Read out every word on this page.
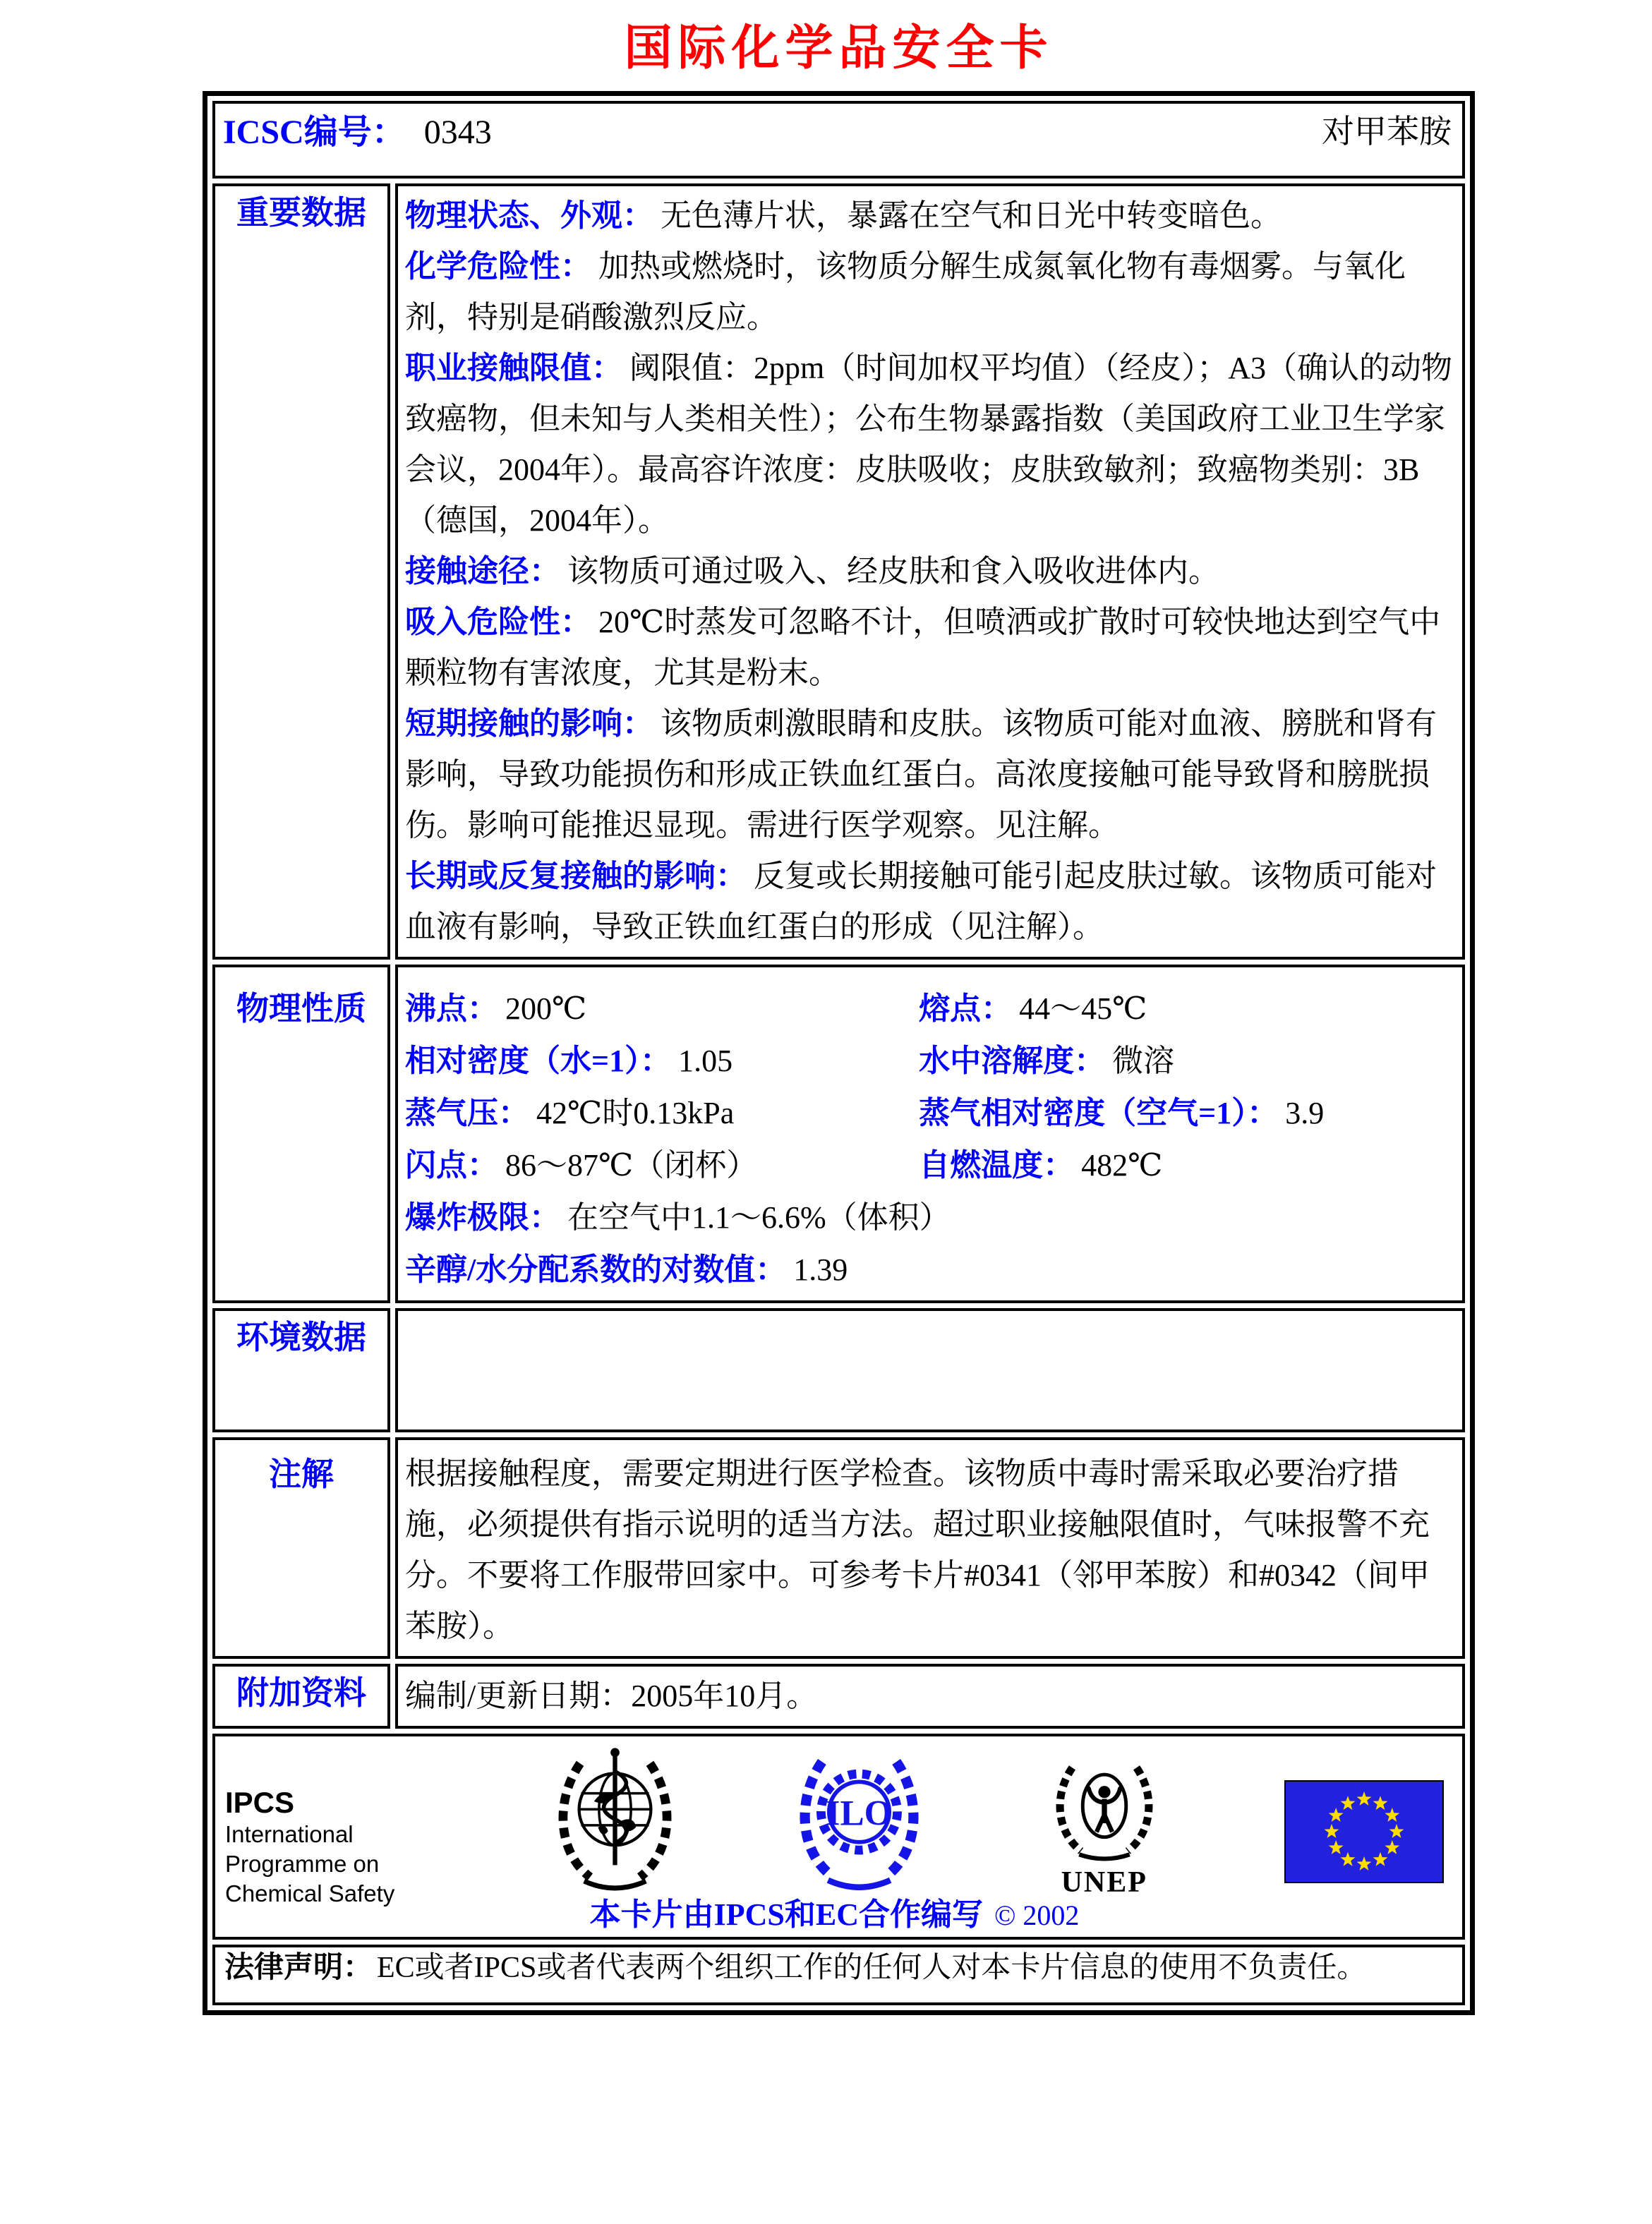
国际化学品安全卡
ICSC编号： 0343 对甲苯胺	

重要数据	物理状态、外观： 无色薄片状，暴露在空气和日光中转变暗色。
化学危险性： 加热或燃烧时，该物质分解生成氮氧化物有毒烟雾。与氧化剂，特别是硝酸激烈反应。
职业接触限值： 阈限值：2ppm（时间加权平均值）（经皮）；A3（确认的动物致癌物，但未知与人类相关性）；公布生物暴露指数（美国政府工业卫生学家会议，2004年）。最高容许浓度：皮肤吸收；皮肤致敏剂；致癌物类别：3B（德国，2004年）。
接触途径： 该物质可通过吸入、经皮肤和食入吸收进体内。
吸入危险性： 20℃时蒸发可忽略不计，但喷洒或扩散时可较快地达到空气中颗粒物有害浓度，尤其是粉末。
短期接触的影响： 该物质刺激眼睛和皮肤。该物质可能对血液、膀胱和肾有影响，导致功能损伤和形成正铁血红蛋白。高浓度接触可能导致肾和膀胱损伤。影响可能推迟显现。需进行医学观察。见注解。
长期或反复接触的影响： 反复或长期接触可能引起皮肤过敏。该物质可能对血液有影响，导致正铁血红蛋白的形成（见注解）。

物理性质	沸点： 200℃	熔点： 44～45℃
相对密度（水=1）： 1.05	水中溶解度： 微溶
蒸气压： 42℃时0.13kPa	蒸气相对密度（空气=1）： 3.9
闪点： 86～87℃（闭杯）	自燃温度： 482℃
爆炸极限： 在空气中1.1～6.6%（体积）
辛醇/水分配系数的对数值： 1.39

环境数据	
注解	根据接触程度，需要定期进行医学检查。该物质中毒时需采取必要治疗措施，必须提供有指示说明的适当方法。超过职业接触限值时，气味报警不充分。不要将工作服带回家中。可参考卡片#0341（邻甲苯胺）和#0342（间甲苯胺）。
附加资料	编制/更新日期：2005年10月。

IPCS
International
Programme on
Chemical Safety
ILO
UNEP
本卡片由IPCS和EC合作编写 © 2002

法律声明： EC或者IPCS或者代表两个组织工作的任何人对本卡片信息的使用不负责任。	
